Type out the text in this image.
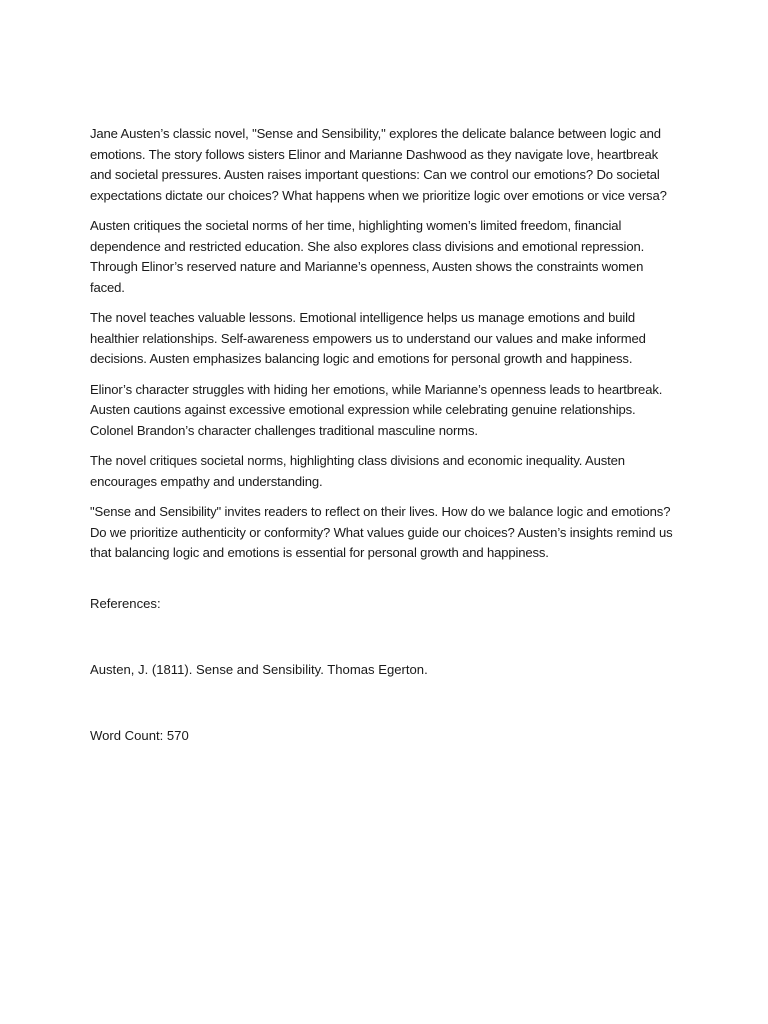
Jane Austen’s classic novel, "Sense and Sensibility," explores the delicate balance between logic and emotions. The story follows sisters Elinor and Marianne Dashwood as they navigate love, heartbreak and societal pressures. Austen raises important questions: Can we control our emotions? Do societal expectations dictate our choices? What happens when we prioritize logic over emotions or vice versa?

Austen critiques the societal norms of her time, highlighting women’s limited freedom, financial dependence and restricted education. She also explores class divisions and emotional repression. Through Elinor’s reserved nature and Marianne’s openness, Austen shows the constraints women faced.

The novel teaches valuable lessons. Emotional intelligence helps us manage emotions and build healthier relationships. Self-awareness empowers us to understand our values and make informed decisions. Austen emphasizes balancing logic and emotions for personal growth and happiness.

Elinor’s character struggles with hiding her emotions, while Marianne’s openness leads to heartbreak. Austen cautions against excessive emotional expression while celebrating genuine relationships. Colonel Brandon’s character challenges traditional masculine norms.

The novel critiques societal norms, highlighting class divisions and economic inequality. Austen encourages empathy and understanding.

"Sense and Sensibility" invites readers to reflect on their lives. How do we balance logic and emotions? Do we prioritize authenticity or conformity? What values guide our choices? Austen’s insights remind us that balancing logic and emotions is essential for personal growth and happiness.

References:

Austen, J. (1811). Sense and Sensibility. Thomas Egerton.

Word Count: 570
